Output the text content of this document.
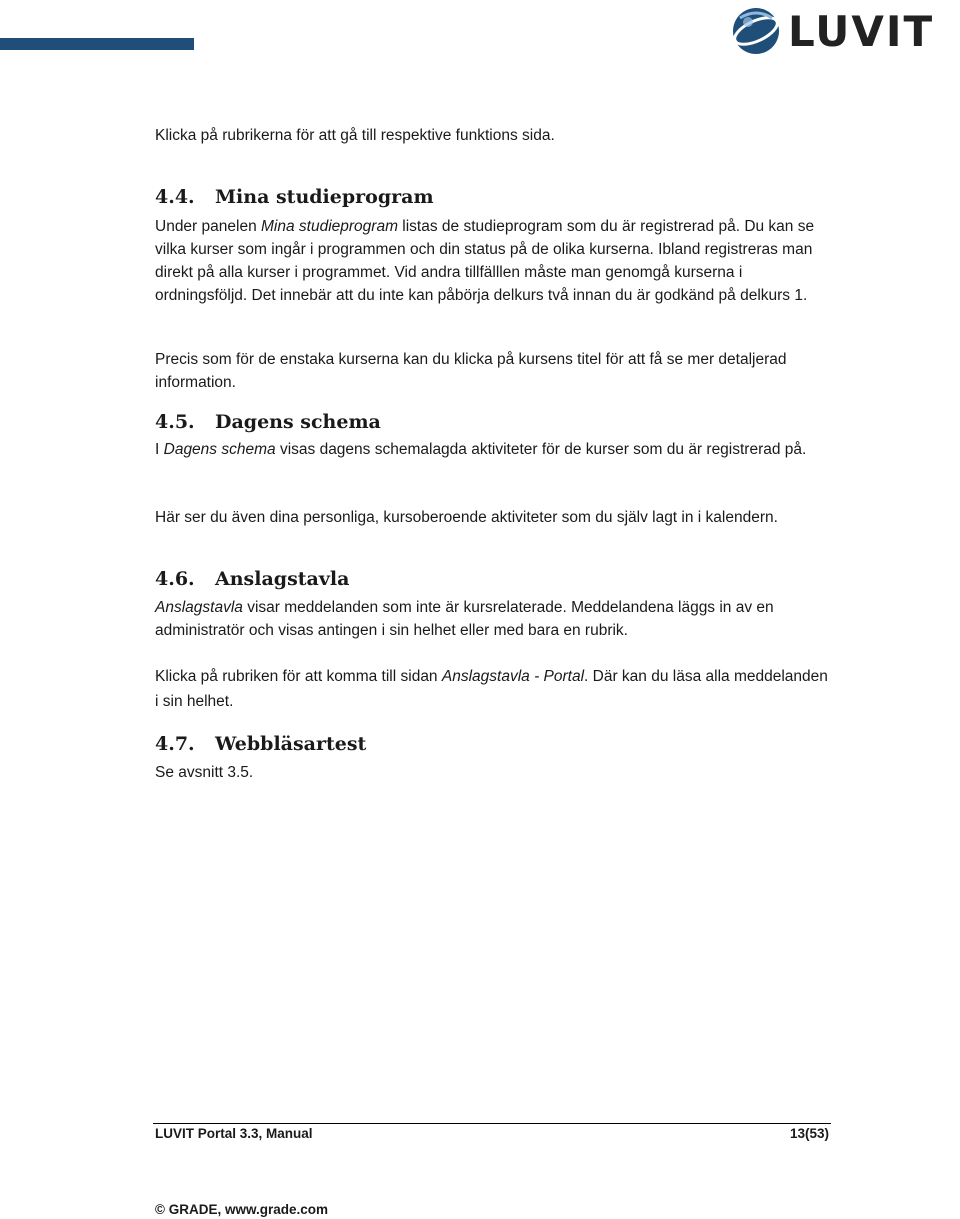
LUVIT

Klicka på rubrikerna för att gå till respektive funktions sida.

4.4. Mina studieprogram

Under panelen Mina studieprogram listas de studieprogram som du är registrerad på. Du kan se vilka kurser som ingår i programmen och din status på de olika kurserna. Ibland registreras man direkt på alla kurser i programmet. Vid andra tillfälllen måste man genomgå kurserna i ordningsföljd. Det innebär att du inte kan påbörja delkurs två innan du är godkänd på delkurs 1.

Precis som för de enstaka kurserna kan du klicka på kursens titel för att få se mer detaljerad information.

4.5. Dagens schema

I Dagens schema visas dagens schemalagda aktiviteter för de kurser som du är registrerad på.

Här ser du även dina personliga, kursoberoende aktiviteter som du själv lagt in i kalendern.

4.6. Anslagstavla

Anslagstavla visar meddelanden som inte är kursrelaterade. Meddelandena läggs in av en administratör och visas antingen i sin helhet eller med bara en rubrik.

Klicka på rubriken för att komma till sidan Anslagstavla - Portal. Där kan du läsa alla meddelanden i sin helhet.

4.7. Webbläsartest

Se avsnitt 3.5.

LUVIT Portal 3.3, Manual	13(53)
© GRADE, www.grade.com
